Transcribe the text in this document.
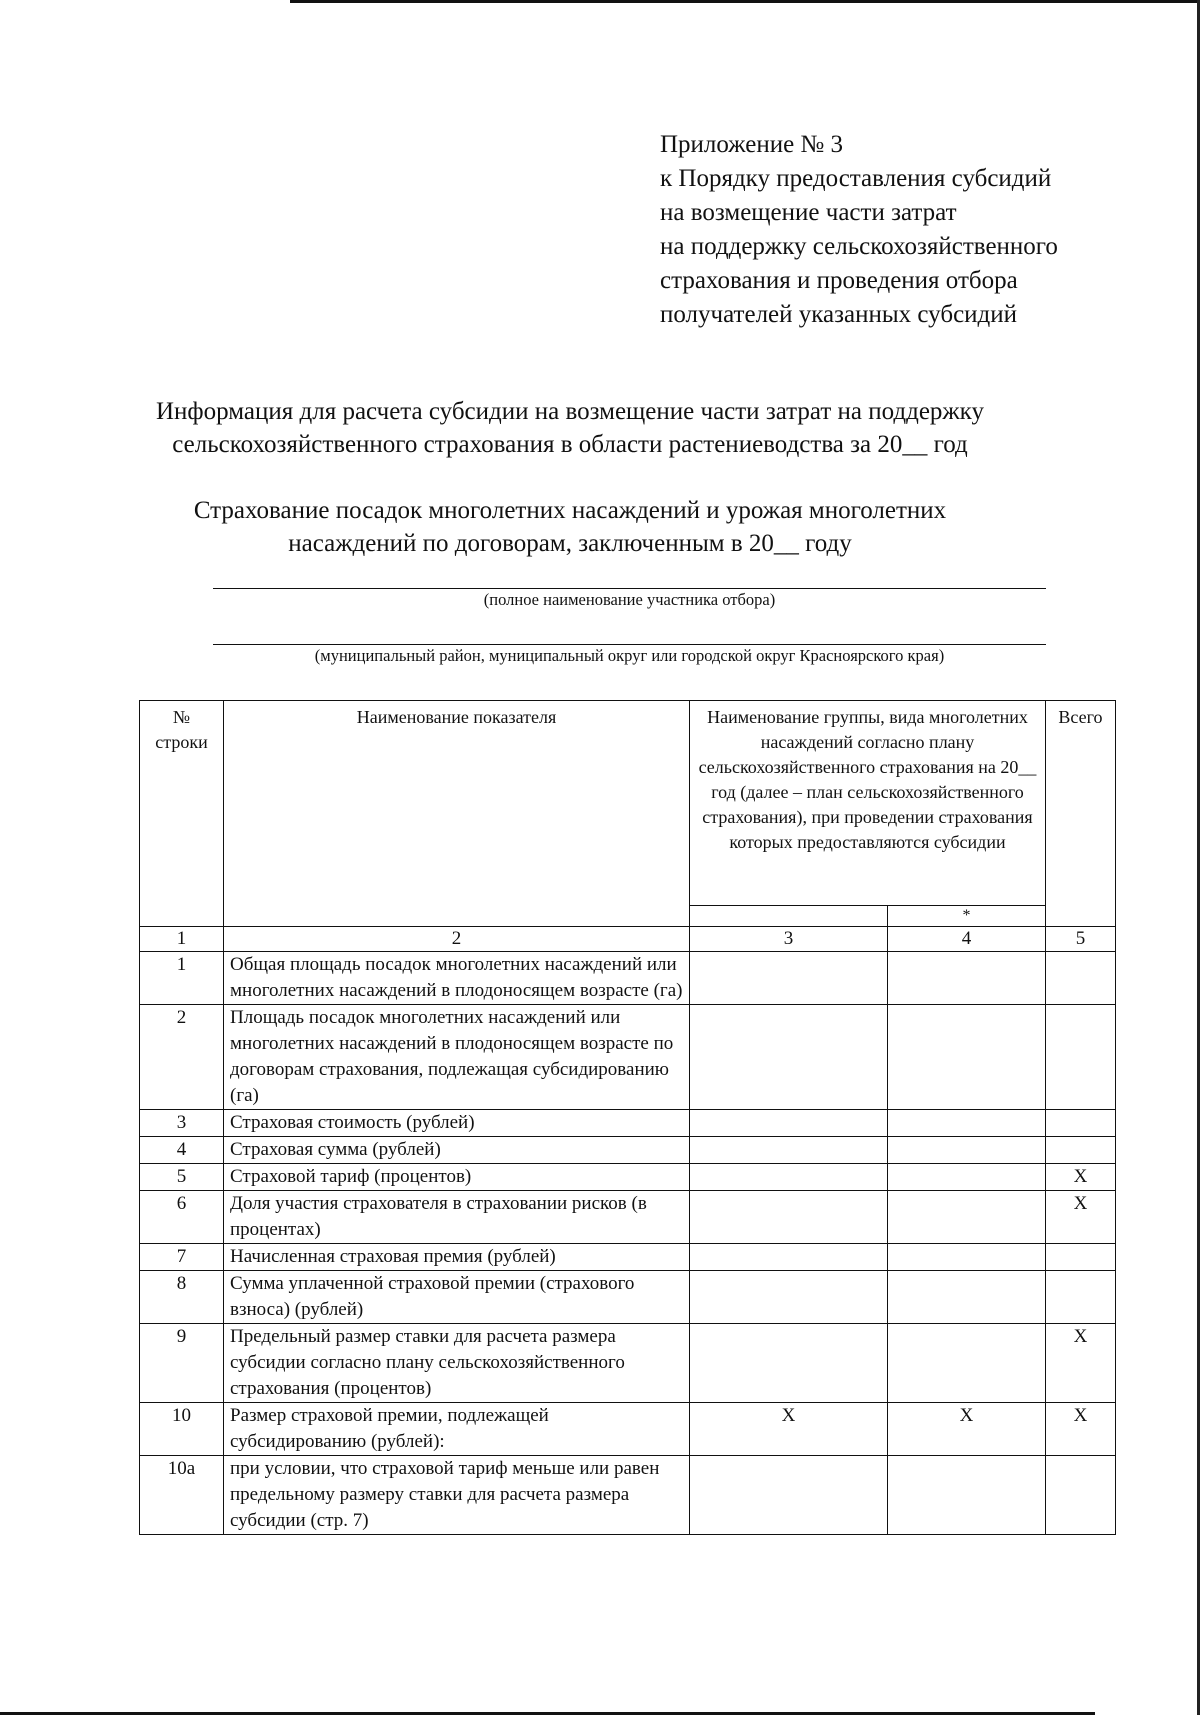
Приложение № 3
к Порядку предоставления субсидий
на возмещение части затрат
на поддержку сельскохозяйственного
страхования и проведения отбора
получателей указанных субсидий
Информация для расчета субсидии на возмещение части затрат на поддержку
сельскохозяйственного страхования в области растениеводства за 20__ год
Страхование посадок многолетних насаждений и урожая многолетних
насаждений по договорам, заключенным в 20__ году
(полное наименование участника отбора)
(муниципальный район, муниципальный округ или городской округ Красноярского края)
№ строки	Наименование показателя	Наименование группы, вида многолетних насаждений согласно плану сельскохозяйственного страхования на 20__ год (далее – план сельскохозяйственного страхования), при проведении страхования которых предоставляются субсидии		Всего
			*	
1	2	3	4	5
1	Общая площадь посадок многолетних насаждений или многолетних насаждений в плодоносящем возрасте (га)			
2	Площадь посадок многолетних насаждений или многолетних насаждений в плодоносящем возрасте по договорам страхования, подлежащая субсидированию (га)			
3	Страховая стоимость (рублей)			
4	Страховая сумма (рублей)			
5	Страховой тариф (процентов)			X
6	Доля участия страхователя в страховании рисков (в процентах)			X
7	Начисленная страховая премия (рублей)			
8	Сумма уплаченной страховой премии (страхового взноса) (рублей)			
9	Предельный размер ставки для расчета размера субсидии согласно плану сельскохозяйственного страхования (процентов)			X
10	Размер страховой премии, подлежащей субсидированию (рублей):	X	X	X
10а	при условии, что страховой тариф меньше или равен предельному размеру ставки для расчета размера субсидии (стр. 7)			
